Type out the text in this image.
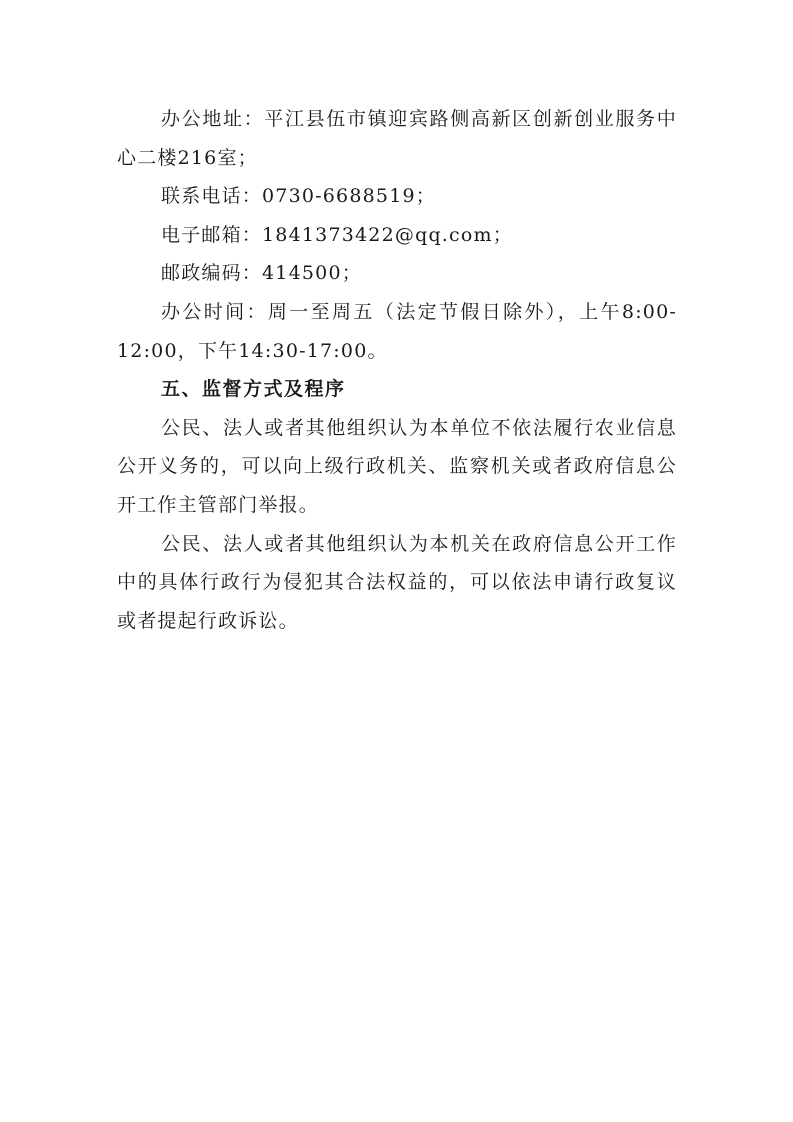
办公地址：平江县伍市镇迎宾路侧高新区创新创业服务中心二楼216室；

联系电话：0730-6688519；

电子邮箱：1841373422@qq.com；

邮政编码：414500；

办公时间：周一至周五（法定节假日除外），上午8:00-12:00，下午14:30-17:00。

五、监督方式及程序

公民、法人或者其他组织认为本单位不依法履行农业信息公开义务的，可以向上级行政机关、监察机关或者政府信息公开工作主管部门举报。

公民、法人或者其他组织认为本机关在政府信息公开工作中的具体行政行为侵犯其合法权益的，可以依法申请行政复议或者提起行政诉讼。
